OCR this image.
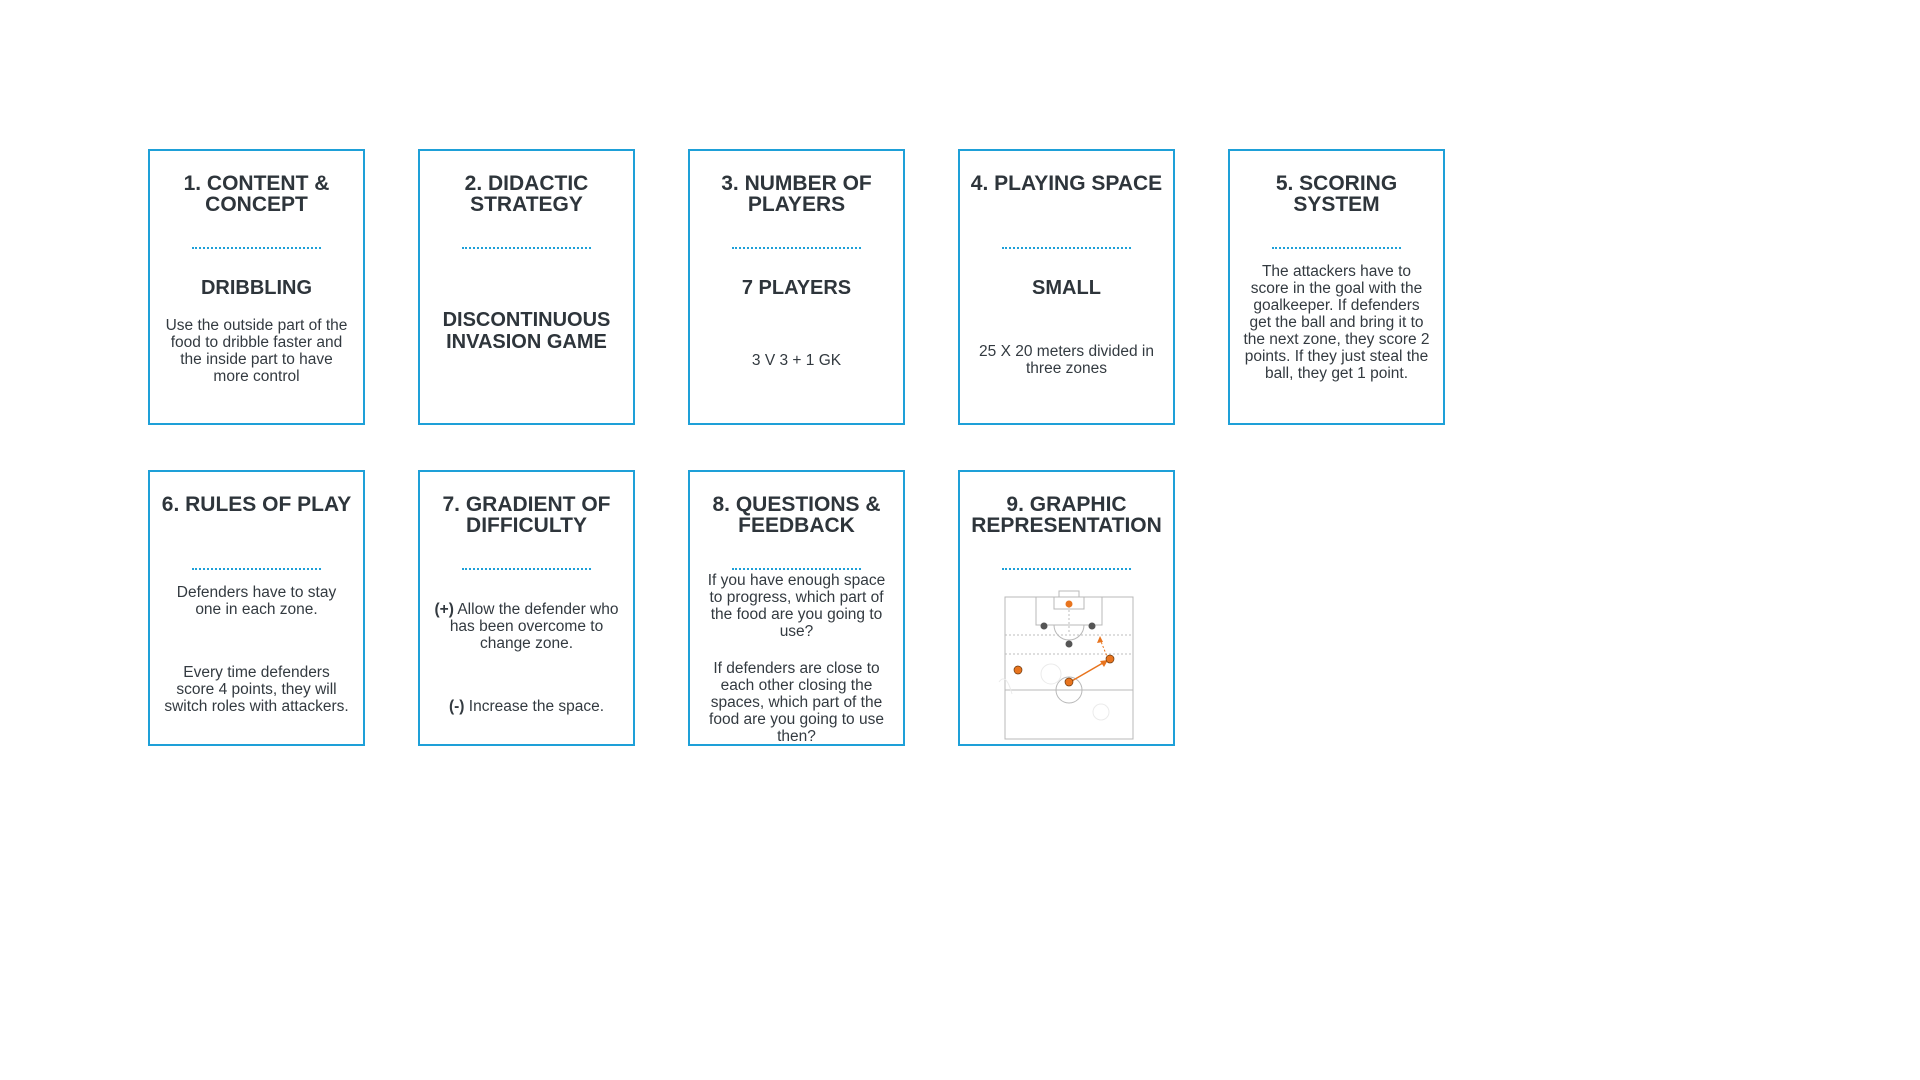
1. CONTENT & CONCEPT
DRIBBLING
Use the outside part of the food to dribble faster and the inside part to have more control
2. DIDACTIC STRATEGY
DISCONTINUOUS INVASION GAME
3. NUMBER OF PLAYERS
7 PLAYERS
3 V 3 + 1 GK
4. PLAYING SPACE
SMALL
25 X 20 meters divided in three zones
5. SCORING SYSTEM
The attackers have to score in the goal with the goalkeeper. If defenders get the ball and bring it to the next zone, they score 2 points. If they just steal the ball, they get 1 point.
6. RULES OF PLAY
Defenders have to stay one in each zone.
Every time defenders score 4 points, they will switch roles with attackers.
7. GRADIENT OF DIFFICULTY
(+) Allow the defender who has been overcome to change zone.
(-) Increase the space.
8. QUESTIONS & FEEDBACK
If you have enough space to progress, which part of the food are you going to use?
If defenders are close to each other closing the spaces, which part of the food are you going to use then?
9. GRAPHIC REPRESENTATION
